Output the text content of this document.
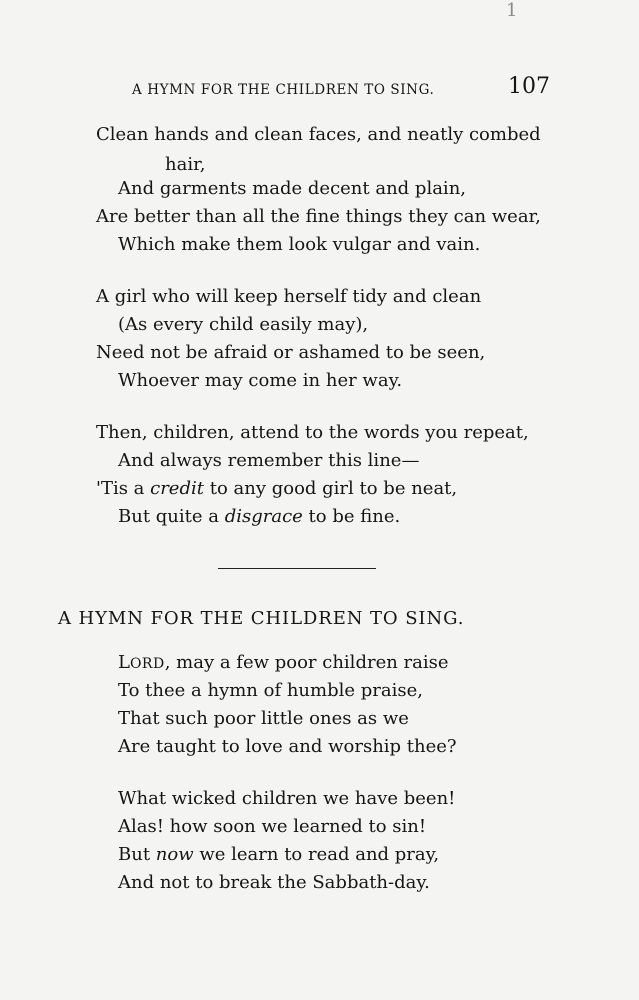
1
A HYMN FOR THE CHILDREN TO SING.	107
Clean hands and clean faces, and neatly combed
hair,
And garments made decent and plain,
Are better than all the fine things they can wear,
Which make them look vulgar and vain.
A girl who will keep herself tidy and clean
(As every child easily may),
Need not be afraid or ashamed to be seen,
Whoever may come in her way.
Then, children, attend to the words you repeat,
And always remember this line—
'Tis a credit to any good girl to be neat,
But quite a disgrace to be fine.
A HYMN FOR THE CHILDREN TO SING.
LORD, may a few poor children raise
To thee a hymn of humble praise,
That such poor little ones as we
Are taught to love and worship thee?
What wicked children we have been!
Alas! how soon we learned to sin!
But now we learn to read and pray,
And not to break the Sabbath-day.
